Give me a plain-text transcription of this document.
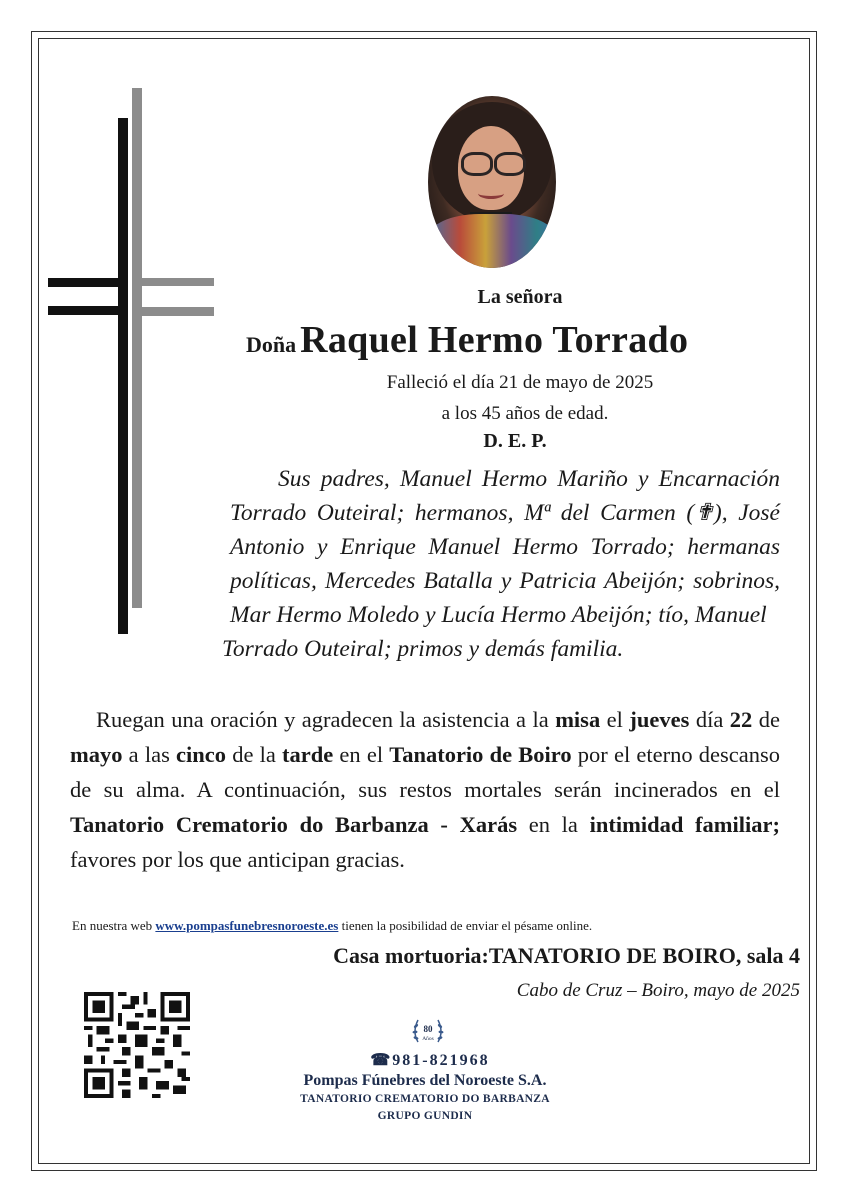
La señora
Doña Raquel Hermo Torrado
Falleció el día 21 de mayo de 2025
a los 45 años de edad.
D. E. P.
Sus padres, Manuel Hermo Mariño y Encarnación Torrado Outeiral; hermanos, Mª del Carmen (✟), José Antonio y Enrique Manuel Hermo Torrado; hermanas políticas, Mercedes Batalla y Patricia Abeijón; sobrinos, Mar Hermo Moledo y Lucía Hermo Abeijón; tío, Manuel
Torrado Outeiral; primos y demás familia.
Ruegan una oración y agradecen la asistencia a la misa el jueves día 22 de mayo a las cinco de la tarde en el Tanatorio de Boiro por el eterno descanso de su alma. A continuación, sus restos mortales serán incinerados en el Tanatorio Crematorio do Barbanza - Xarás en la intimidad familiar; favores por los que anticipan gracias.
En nuestra web www.pompasfunebresnoroeste.es tienen la posibilidad de enviar el pésame online.
Casa mortuoria:TANATORIO DE BOIRO, sala 4
Cabo de Cruz – Boiro, mayo de 2025
80
Años
☎981-821968
Pompas Fúnebres del Noroeste S.A.
TANATORIO CREMATORIO DO BARBANZA
GRUPO GUNDIN
